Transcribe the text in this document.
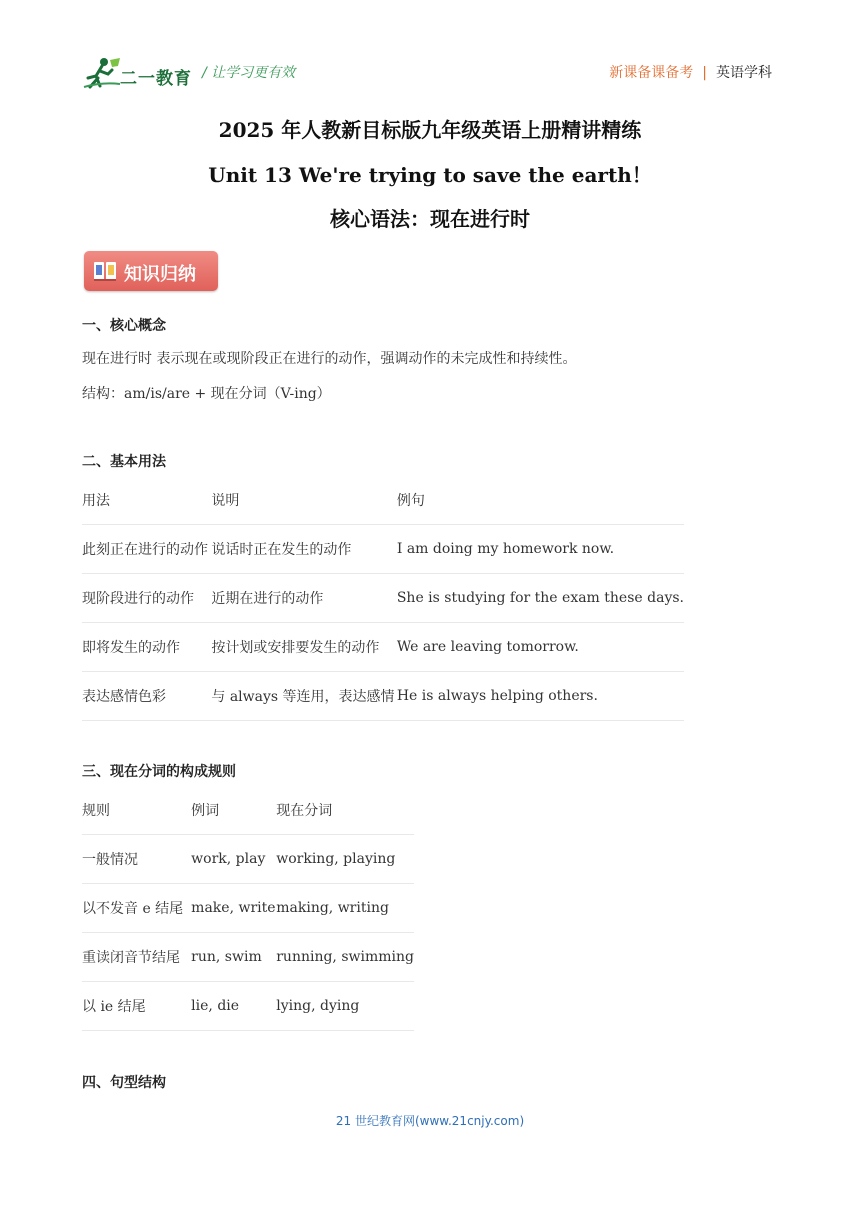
二一教育 / 让学习更有效	新课备课备考 | 英语学科
2025 年人教新目标版九年级英语上册精讲精练
Unit 13 We're trying to save the earth！
核心语法：现在进行时
知识归纳
一、核心概念
现在进行时 表示现在或现阶段正在进行的动作，强调动作的未完成性和持续性。
结构：am/is/are + 现在分词（V-ing）
二、基本用法
用法	说明	例句
此刻正在进行的动作	说话时正在发生的动作	I am doing my homework now.
现阶段进行的动作	近期在进行的动作	She is studying for the exam these days.
即将发生的动作	按计划或安排要发生的动作	We are leaving tomorrow.
表达感情色彩	与 always 等连用，表达感情	He is always helping others.
三、现在分词的构成规则
规则	例词	现在分词
一般情况	work, play	working, playing
以不发音 e 结尾	make, write	making, writing
重读闭音节结尾	run, swim	running, swimming
以 ie 结尾	lie, die	lying, dying
四、句型结构
21 世纪教育网(www.21cnjy.com)
